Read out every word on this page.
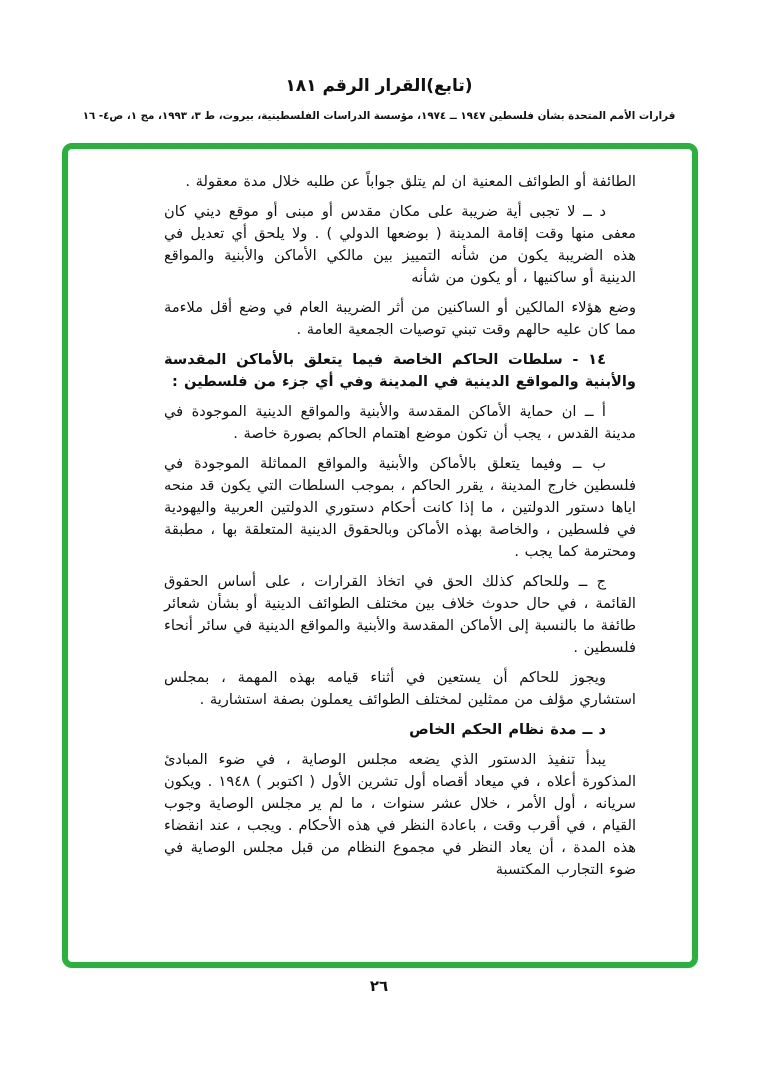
(تابع)القرار الرقم ١٨١
قرارات الأمم المتحدة بشأن فلسطين ١٩٤٧ ــ ١٩٧٤، مؤسسة الدراسات الفلسطينية، بيروت، ط ٣، ١٩٩٣، مج ١، ص٤- ١٦

الطائفة أو الطوائف المعنية ان لم يتلق جواباً عن طلبه خلال مدة معقولة .

د ــ لا تجبى أية ضريبة على مكان مقدس أو مبنى أو موقع ديني كان معفى منها وقت إقامة المدينة ( بوضعها الدولي ) . ولا يلحق أي تعديل في هذه الضريبة يكون من شأنه التمييز بين مالكي الأماكن والأبنية والمواقع الدينية أو ساكنيها ، أو يكون من شأنه

وضع هؤلاء المالكين أو الساكنين من أثر الضريبة العام في وضع أقل ملاءمة مما كان عليه حالهم وقت تبني توصيات الجمعية العامة .

١٤ - سلطات الحاكم الخاصة فيما يتعلق بالأماكن المقدسة والأبنية والمواقع الدينية في المدينة وفي أي جزء من فلسطين :

أ ــ ان حماية الأماكن المقدسة والأبنية والمواقع الدينية الموجودة في مدينة القدس ، يجب أن تكون موضع اهتمام الحاكم بصورة خاصة .

ب ــ وفيما يتعلق بالأماكن والأبنية والمواقع المماثلة الموجودة في فلسطين خارج المدينة ، يقرر الحاكم ، بموجب السلطات التي يكون قد منحه اياها دستور الدولتين ، ما إذا كانت أحكام دستوري الدولتين العربية واليهودية في فلسطين ، والخاصة بهذه الأماكن وبالحقوق الدينية المتعلقة بها ، مطبقة ومحترمة كما يجب .

ج ــ وللحاكم كذلك الحق في اتخاذ القرارات ، على أساس الحقوق القائمة ، في حال حدوث خلاف بين مختلف الطوائف الدينية أو بشأن شعائر طائفة ما بالنسبة إلى الأماكن المقدسة والأبنية والمواقع الدينية في سائر أنحاء فلسطين .

ويجوز للحاكم أن يستعين في أثناء قيامه بهذه المهمة ، بمجلس استشاري مؤلف من ممثلين لمختلف الطوائف يعملون بصفة استشارية .

د ــ مدة نظام الحكم الخاص

يبدأ تنفيذ الدستور الذي يضعه مجلس الوصاية ، في ضوء المبادئ المذكورة أعلاه ، في ميعاد أقصاه أول تشرين الأول ( اكتوبر ) ١٩٤٨ . ويكون سريانه ، أول الأمر ، خلال عشر سنوات ، ما لم ير مجلس الوصاية وجوب القيام ، في أقرب وقت ، باعادة النظر في هذه الأحكام . ويجب ، عند انقضاء هذه المدة ، أن يعاد النظر في مجموع النظام من قبل مجلس الوصاية في ضوء التجارب المكتسبة

٢٦
